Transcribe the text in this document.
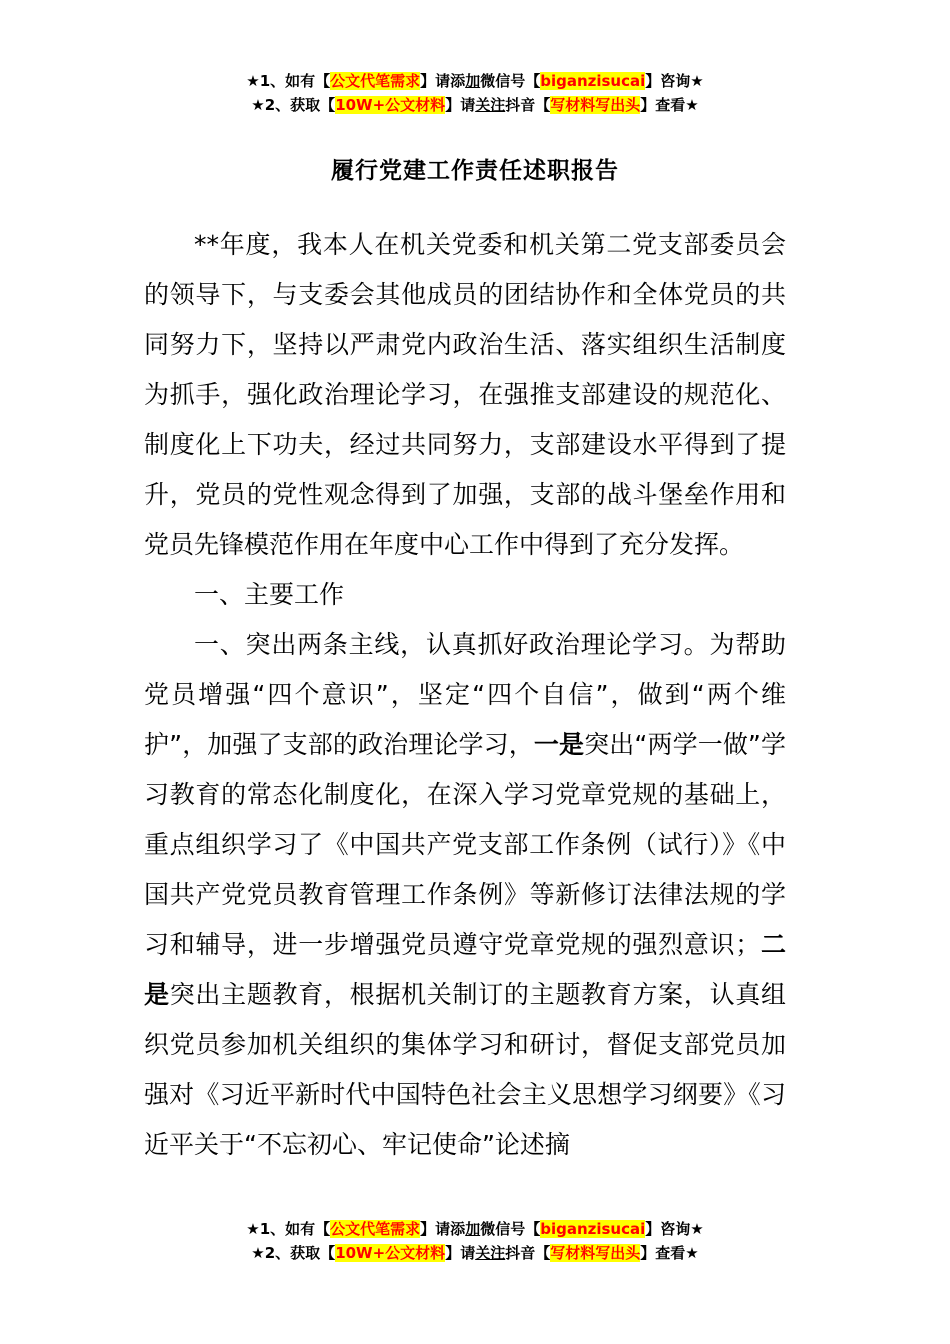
★1、如有【公文代笔需求】请添加微信号【biganzisucai】咨询★
★2、获取【10W+公文材料】请关注抖音【写材料写出头】查看★
履行党建工作责任述职报告

**年度，我本人在机关党委和机关第二党支部委员会的领导下，与支委会其他成员的团结协作和全体党员的共同努力下，坚持以严肃党内政治生活、落实组织生活制度为抓手，强化政治理论学习，在强推支部建设的规范化、制度化上下功夫，经过共同努力，支部建设水平得到了提升，党员的党性观念得到了加强，支部的战斗堡垒作用和党员先锋模范作用在年度中心工作中得到了充分发挥。

一、主要工作

一、突出两条主线，认真抓好政治理论学习。为帮助党员增强“四个意识”，坚定“四个自信”，做到“两个维护”，加强了支部的政治理论学习，一是突出“两学一做”学习教育的常态化制度化，在深入学习党章党规的基础上，重点组织学习了《中国共产党支部工作条例（试行）》《中国共产党党员教育管理工作条例》等新修订法律法规的学习和辅导，进一步增强党员遵守党章党规的强烈意识；二是突出主题教育，根据机关制订的主题教育方案，认真组织党员参加机关组织的集体学习和研讨，督促支部党员加强对《习近平新时代中国特色社会主义思想学习纲要》《习近平关于“不忘初心、牢记使命”论述摘

★1、如有【公文代笔需求】请添加微信号【biganzisucai】咨询★
★2、获取【10W+公文材料】请关注抖音【写材料写出头】查看★
